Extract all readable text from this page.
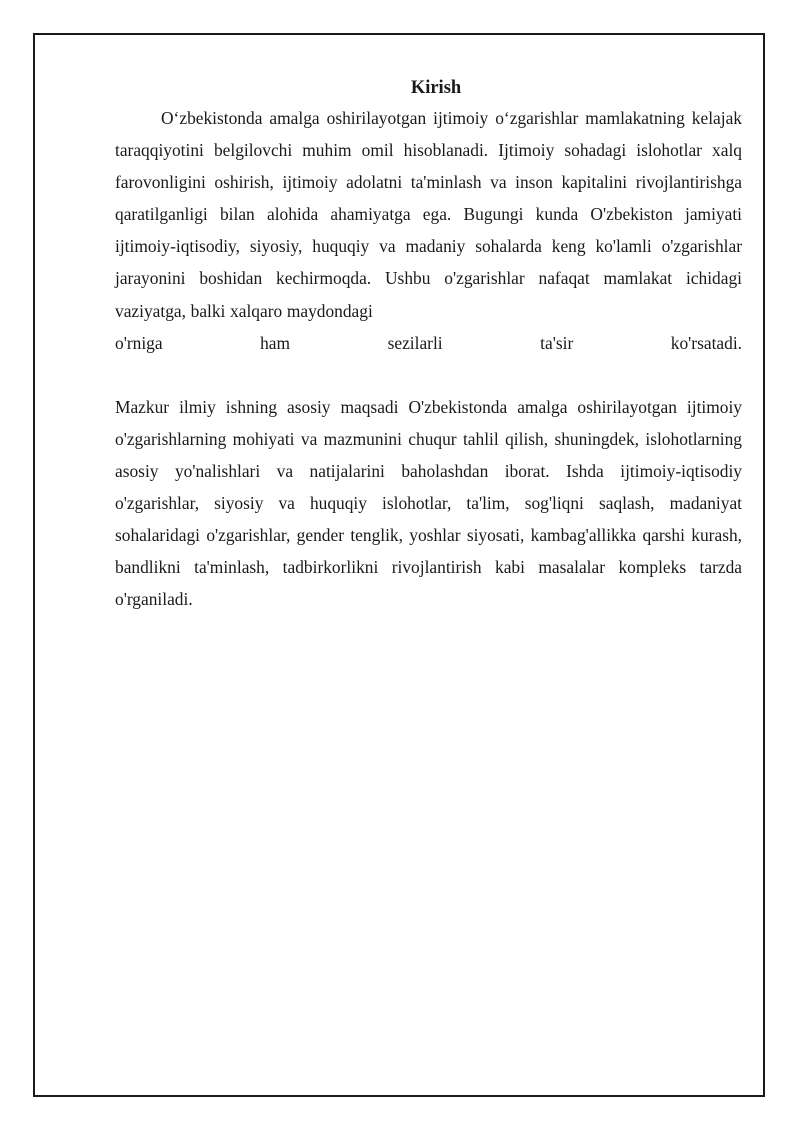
Kirish

O‘zbekistonda amalga oshirilayotgan ijtimoiy o‘zgarishlar mamlakatning kelajak taraqqiyotini belgilovchi muhim omil hisoblanadi. Ijtimoiy sohadagi islohotlar xalq farovonligini oshirish, ijtimoiy adolatni ta'minlash va inson kapitalini rivojlantirishga qaratilganligi bilan alohida ahamiyatga ega. Bugungi kunda O'zbekiston jamiyati ijtimoiy-iqtisodiy, siyosiy, huquqiy va madaniy sohalarda keng ko'lamli o'zgarishlar jarayonini boshidan kechirmoqda. Ushbu o'zgarishlar nafaqat mamlakat ichidagi vaziyatga, balki xalqaro maydondagi
o'rniga	ham	sezilarli	ta'sir	ko'rsatadi.

Mazkur ilmiy ishning asosiy maqsadi O'zbekistonda amalga oshirilayotgan ijtimoiy o'zgarishlarning mohiyati va mazmunini chuqur tahlil qilish, shuningdek, islohotlarning asosiy yo'nalishlari va natijalarini baholashdan iborat. Ishda ijtimoiy-iqtisodiy o'zgarishlar, siyosiy va huquqiy islohotlar, ta'lim, sog'liqni saqlash, madaniyat sohalaridagi o'zgarishlar, gender tenglik, yoshlar siyosati, kambag'allikka qarshi kurash, bandlikni ta'minlash, tadbirkorlikni rivojlantirish kabi masalalar kompleks tarzda o'rganiladi.
